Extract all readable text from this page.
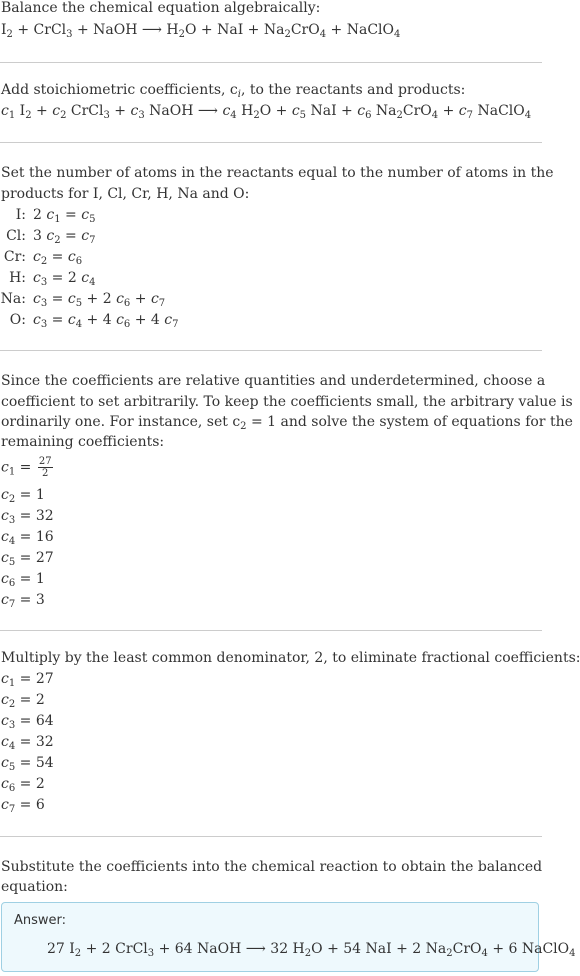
Balance the chemical equation algebraically:
$I_2$ + CrCl$_3$ + NaOH ⟶ $H_2O$ + NaI + $Na_2CrO_4$ + NaClO$_4$
Add stoichiometric coefficients, $c_i$, to the reactants and products:
$c_1$ $I_2 + c_2$ CrCl$_3$ + $c_3$ NaOH ⟶ $c_4$ $H_2O + c_5$ NaI + $c_6$ $Na_2CrO_4 + c_7$ NaClO$_4$
Set the number of atoms in the reactants equal to the number of atoms in the
products for I, Cl, Cr, H, Na and O:
I: 2 $c_1 = c_5$
Cl: 3 $c_2 = c_7$
Cr: $c_2 = c_6$
H: $c_3 = 2$ $c_4$
Na: $c_3 = c_5 + 2$ $c_6 + c_7$
O: $c_3 = c_4 + 4$ $c_6 + 4$ $c_7$
Since the coefficients are relative quantities and underdetermined, choose a
coefficient to set arbitrarily. To keep the coefficients small, the arbitrary value is
ordinarily one. For instance, set $c_2 = 1$ and solve the system of equations for the
remaining coefficients:
$c_1 = \frac{27}{2}$
$c_2 = 1$
$c_3 = 32$
$c_4 = 16$
$c_5 = 27$
$c_6 = 1$
$c_7 = 3$
Multiply by the least common denominator, 2, to eliminate fractional coefficients:
$c_1 = 27$
$c_2 = 2$
$c_3 = 64$
$c_4 = 32$
$c_5 = 54$
$c_6 = 2$
$c_7 = 6$
Substitute the coefficients into the chemical reaction to obtain the balanced
equation:
Answer:
27 $I_2 + 2$ CrCl$_3$ + 64 NaOH ⟶ 32 $H_2O + 54$ NaI + 2 $Na_2CrO_4 + 6$ NaClO$_4$
